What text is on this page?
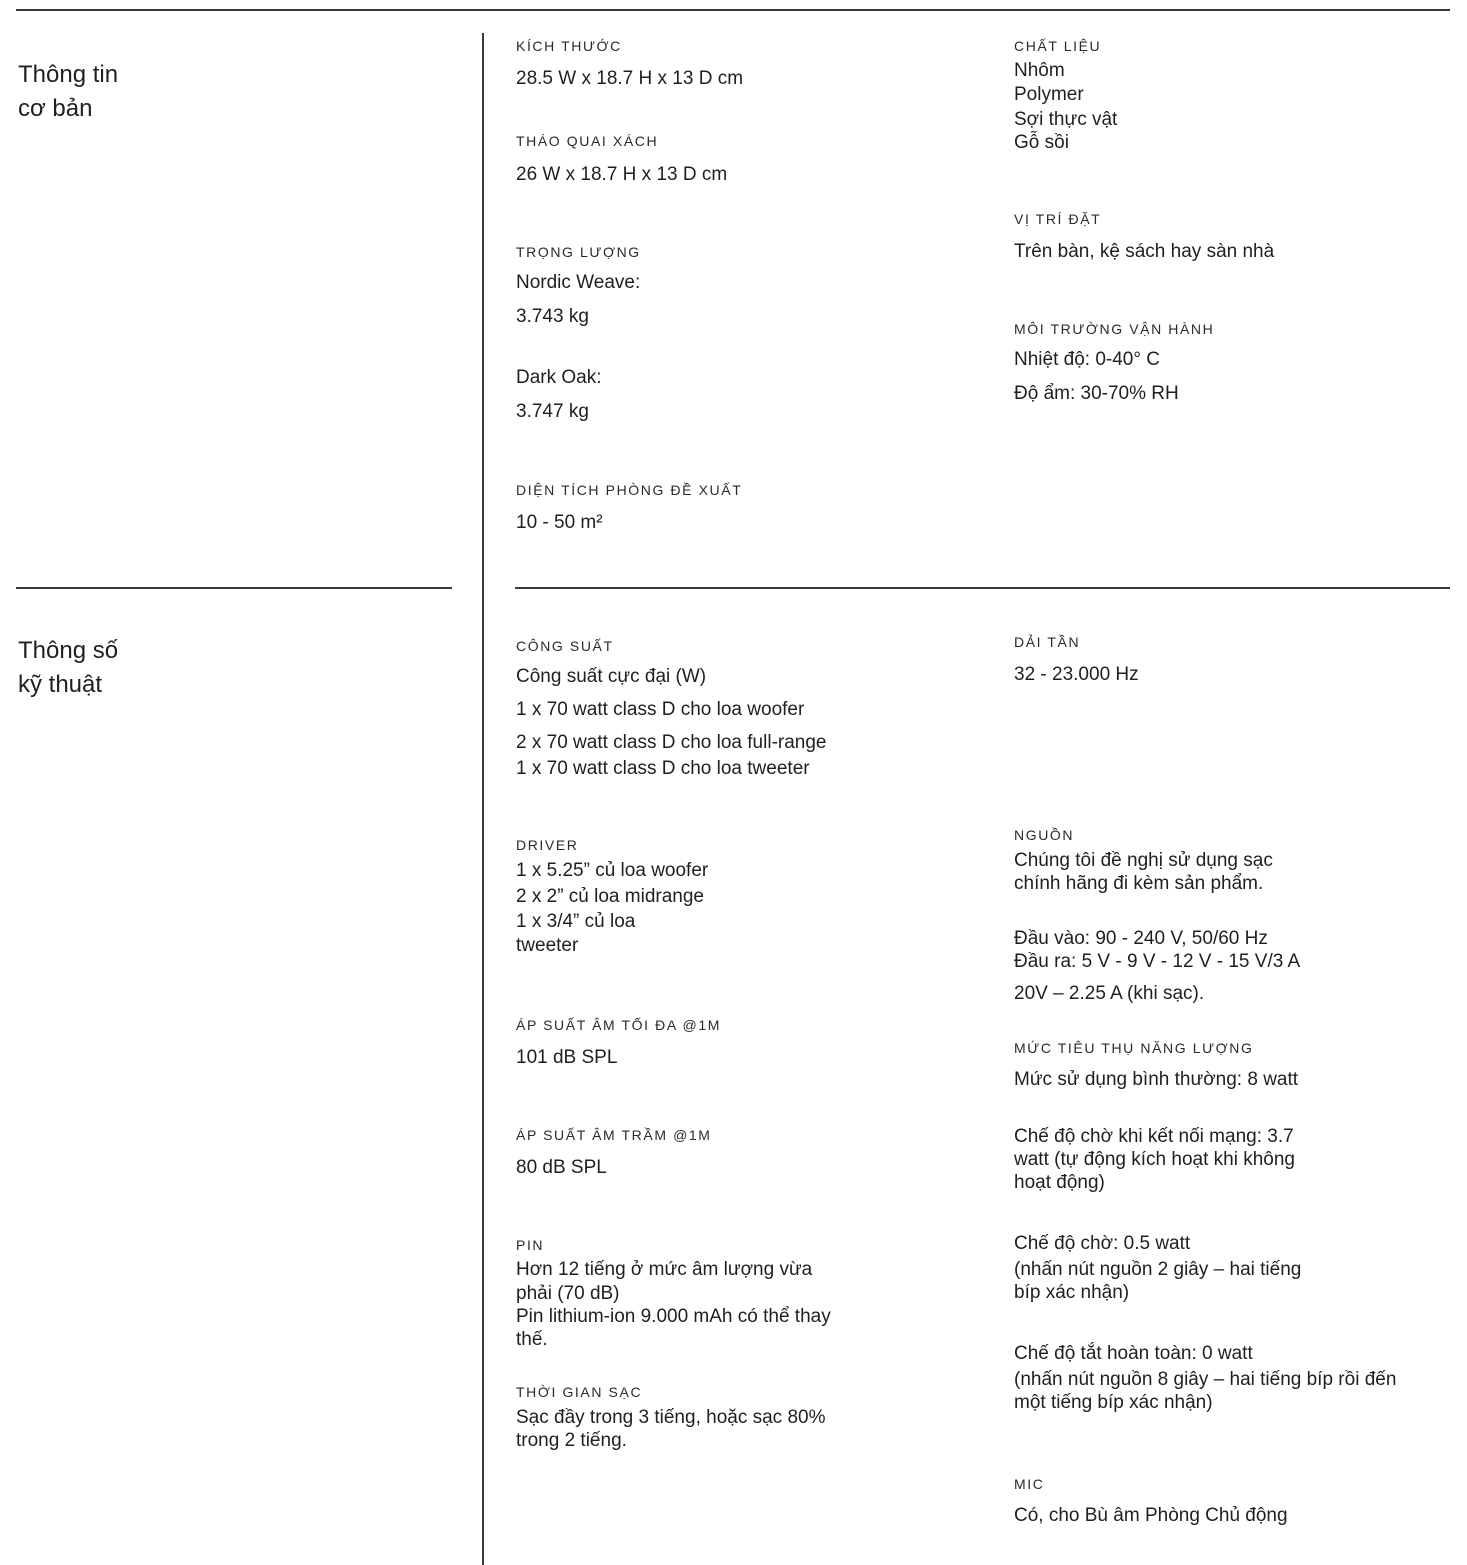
Thông tin
cơ bản
Thông số
kỹ thuật
KÍCH THƯỚC
28.5 W x 18.7 H x 13 D cm
THÁO QUAI XÁCH
26 W x 18.7 H x 13 D cm
TRỌNG LƯỢNG
Nordic Weave:
3.743 kg
Dark Oak:
3.747 kg
DIỆN TÍCH PHÒNG ĐỀ XUẤT
10 - 50 m²
CHẤT LIỆU
Nhôm
Polymer
Sợi thực vật
Gỗ sồi
VỊ TRÍ ĐẶT
Trên bàn, kệ sách hay sàn nhà
MÔI TRƯỜNG VẬN HÀNH
Nhiệt độ: 0-40° C
Độ ẩm: 30-70% RH
CÔNG SUẤT
Công suất cực đại (W)
1 x 70 watt class D cho loa woofer
2 x 70 watt class D cho loa full-range
1 x 70 watt class D cho loa tweeter
DRIVER
1 x 5.25” củ loa woofer
2 x 2” củ loa midrange
1 x 3/4” củ loa
tweeter
ÁP SUẤT ÂM TỐI ĐA @1M
101 dB SPL
ÁP SUẤT ÂM TRẦM @1M
80 dB SPL
PIN
Hơn 12 tiếng ở mức âm lượng vừa
phải (70 dB)
Pin lithium-ion 9.000 mAh có thể thay
thế.
THỜI GIAN SẠC
Sạc đầy trong 3 tiếng, hoặc sạc 80%
trong 2 tiếng.
DẢI TẦN
32 - 23.000 Hz
NGUỒN
Chúng tôi đề nghị sử dụng sạc
chính hãng đi kèm sản phẩm.
Đầu vào: 90 - 240 V, 50/60 Hz
Đầu ra: 5 V - 9 V - 12 V - 15 V/3 A
20V – 2.25 A (khi sạc).
MỨC TIÊU THỤ NĂNG LƯỢNG
Mức sử dụng bình thường: 8 watt
Chế độ chờ khi kết nối mạng: 3.7
watt (tự động kích hoạt khi không
hoạt động)
Chế độ chờ: 0.5 watt
(nhấn nút nguồn 2 giây – hai tiếng
bíp xác nhận)
Chế độ tắt hoàn toàn: 0 watt
(nhấn nút nguồn 8 giây – hai tiếng bíp rồi đến
một tiếng bíp xác nhận)
MIC
Có, cho Bù âm Phòng Chủ động
